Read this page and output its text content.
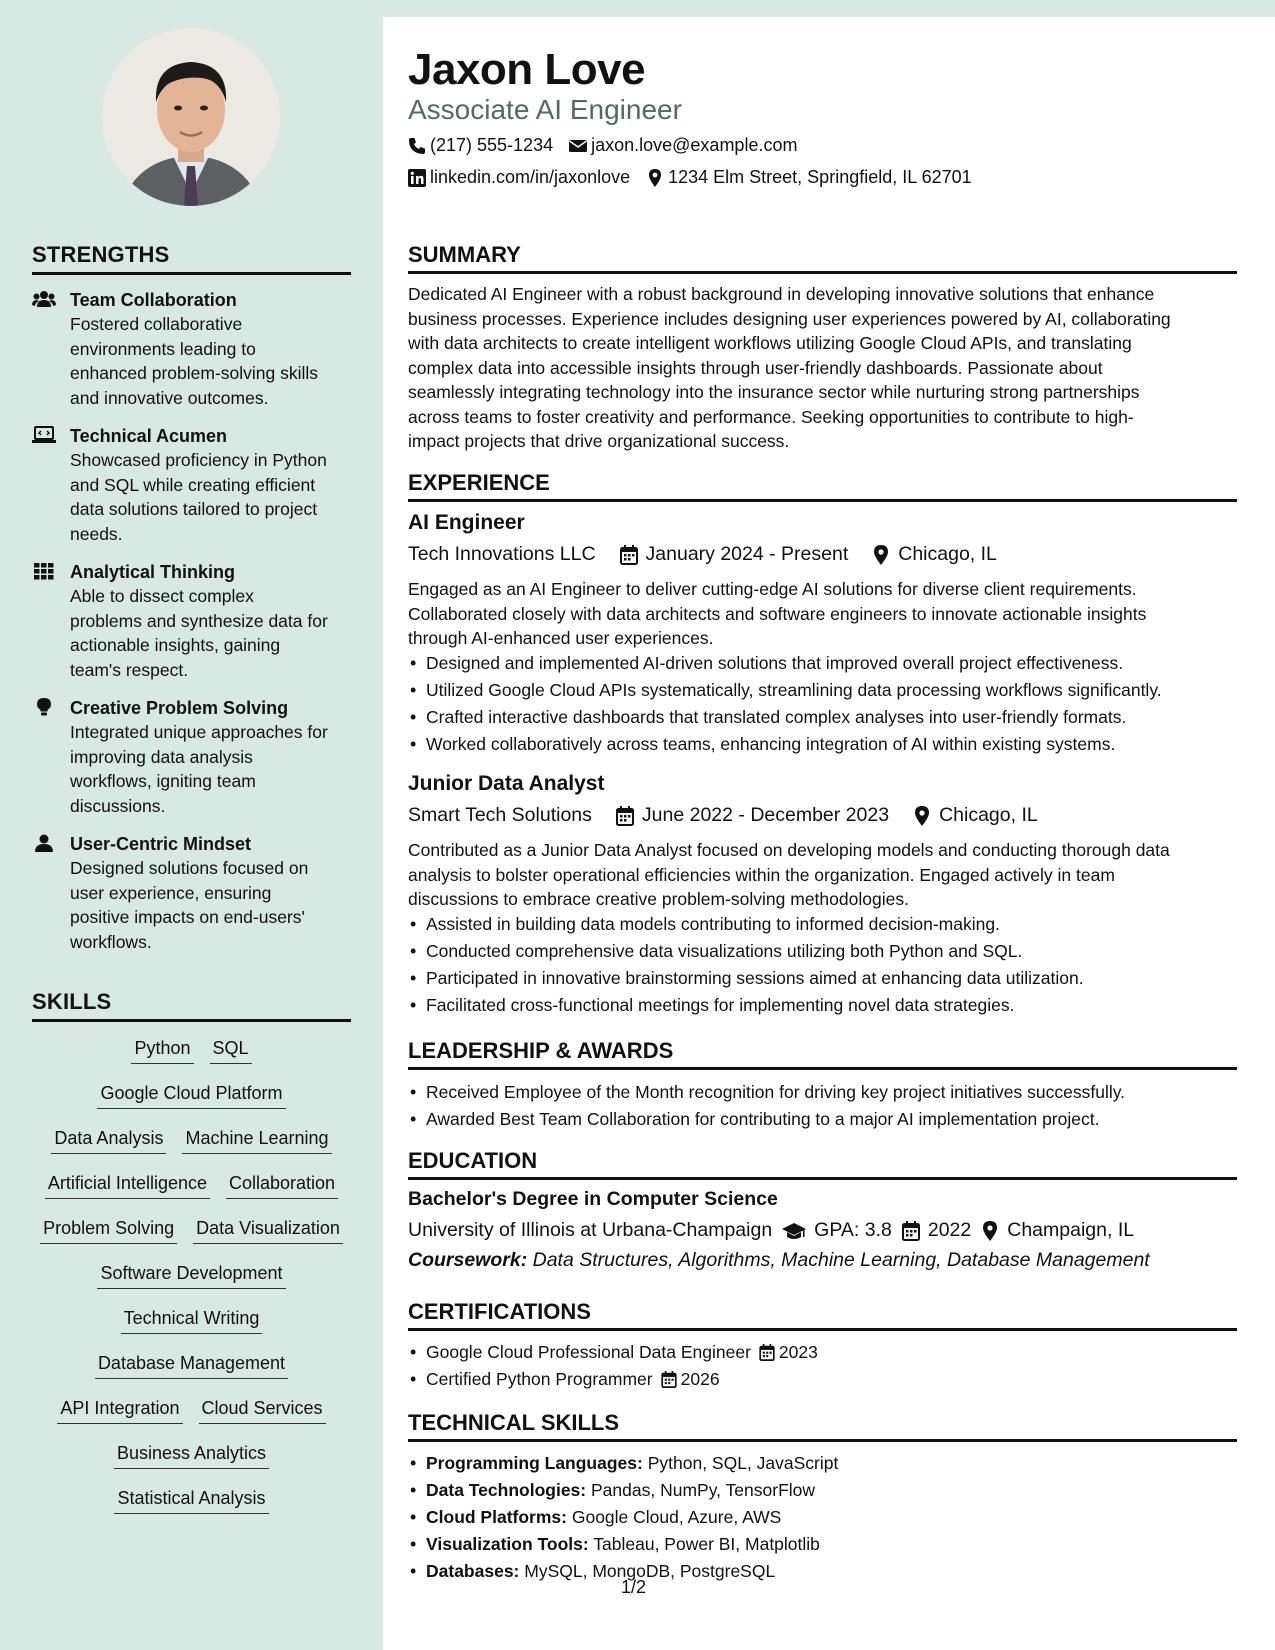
STRENGTHS
Team Collaboration
Fostered collaborative
environments leading to
enhanced problem-solving skills
and innovative outcomes.
Technical Acumen
Showcased proficiency in Python
and SQL while creating efficient
data solutions tailored to project
needs.
Analytical Thinking
Able to dissect complex
problems and synthesize data for
actionable insights, gaining
team's respect.
Creative Problem Solving
Integrated unique approaches for
improving data analysis
workflows, igniting team
discussions.
User-Centric Mindset
Designed solutions focused on
user experience, ensuring
positive impacts on end-users'
workflows.
SKILLS
Python SQL
Google Cloud Platform
Data Analysis Machine Learning
Artificial Intelligence Collaboration
Problem Solving Data Visualization
Software Development
Technical Writing
Database Management
API Integration Cloud Services
Business Analytics
Statistical Analysis
Jaxon Love
Associate AI Engineer
(217) 555-1234 jaxon.love@example.com
linkedin.com/in/jaxonlove 1234 Elm Street, Springfield, IL 62701
SUMMARY
Dedicated AI Engineer with a robust background in developing innovative solutions that enhance
business processes. Experience includes designing user experiences powered by AI, collaborating
with data architects to create intelligent workflows utilizing Google Cloud APIs, and translating
complex data into accessible insights through user-friendly dashboards. Passionate about
seamlessly integrating technology into the insurance sector while nurturing strong partnerships
across teams to foster creativity and performance. Seeking opportunities to contribute to high-
impact projects that drive organizational success.
EXPERIENCE
AI Engineer
Tech Innovations LLC	January 2024 - Present	Chicago, IL
Engaged as an AI Engineer to deliver cutting-edge AI solutions for diverse client requirements.
Collaborated closely with data architects and software engineers to innovate actionable insights
through AI-enhanced user experiences.
• Designed and implemented AI-driven solutions that improved overall project effectiveness.
• Utilized Google Cloud APIs systematically, streamlining data processing workflows significantly.
• Crafted interactive dashboards that translated complex analyses into user-friendly formats.
• Worked collaboratively across teams, enhancing integration of AI within existing systems.
Junior Data Analyst
Smart Tech Solutions	June 2022 - December 2023	Chicago, IL
Contributed as a Junior Data Analyst focused on developing models and conducting thorough data
analysis to bolster operational efficiencies within the organization. Engaged actively in team
discussions to embrace creative problem-solving methodologies.
• Assisted in building data models contributing to informed decision-making.
• Conducted comprehensive data visualizations utilizing both Python and SQL.
• Participated in innovative brainstorming sessions aimed at enhancing data utilization.
• Facilitated cross-functional meetings for implementing novel data strategies.
LEADERSHIP & AWARDS
• Received Employee of the Month recognition for driving key project initiatives successfully.
• Awarded Best Team Collaboration for contributing to a major AI implementation project.
EDUCATION
Bachelor's Degree in Computer Science
University of Illinois at Urbana-Champaign GPA: 3.8 2022 Champaign, IL
Coursework: Data Structures, Algorithms, Machine Learning, Database Management
CERTIFICATIONS
• Google Cloud Professional Data Engineer 2023
• Certified Python Programmer 2026
TECHNICAL SKILLS
• Programming Languages: Python, SQL, JavaScript
• Data Technologies: Pandas, NumPy, TensorFlow
• Cloud Platforms: Google Cloud, Azure, AWS
• Visualization Tools: Tableau, Power BI, Matplotlib
• Databases: MySQL, MongoDB, PostgreSQL
1/2
